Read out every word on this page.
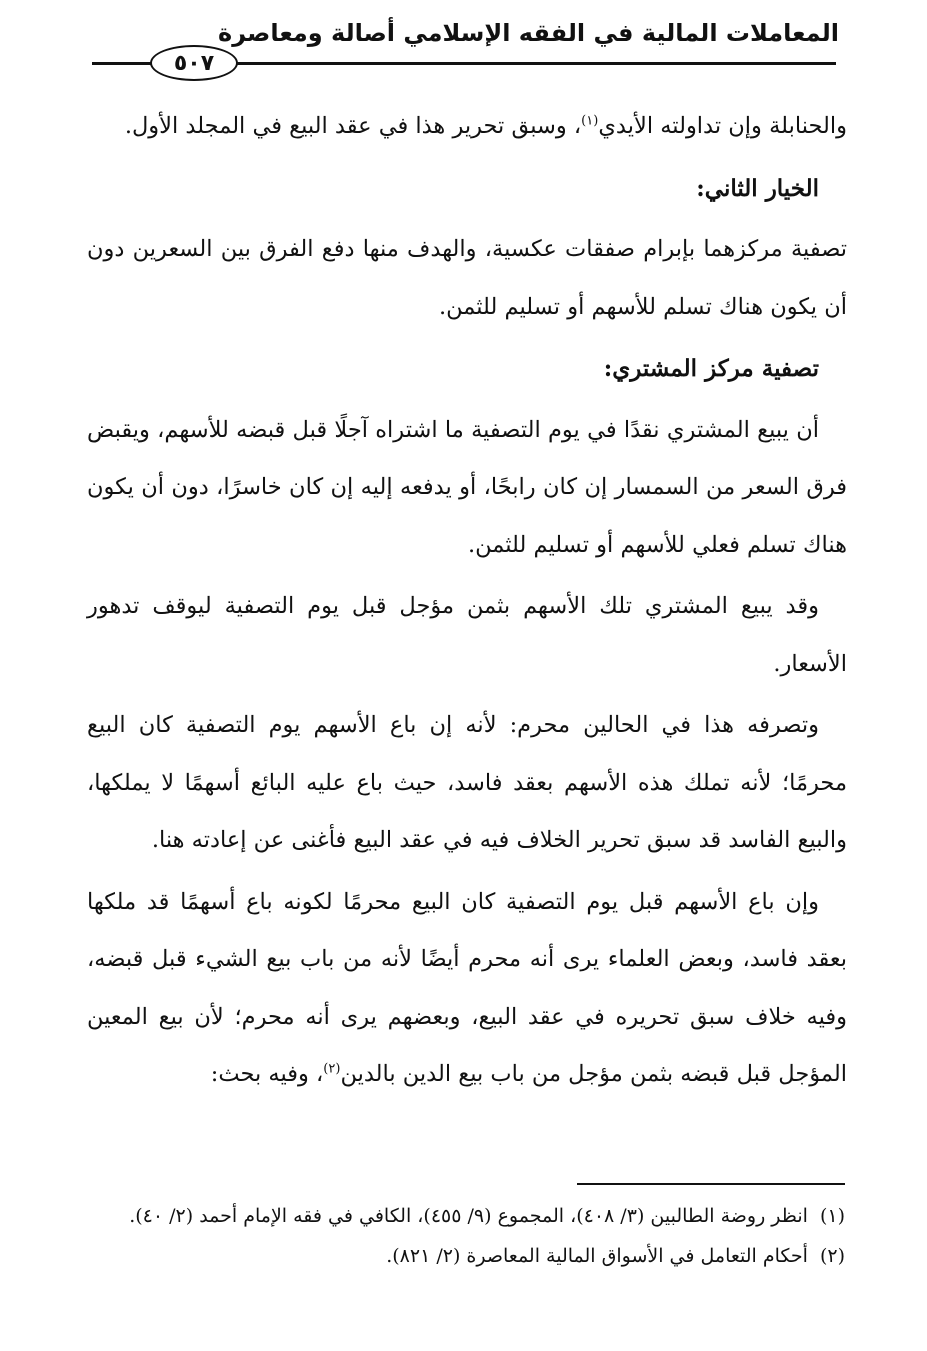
المعاملات المالية في الفقه الإسلامي أصالة ومعاصرة
٥٠٧

والحنابلة وإن تداولته الأيدي$^{(١)}$، وسبق تحرير هذا في عقد البيع في المجلد الأول.

الخيار الثاني:

تصفية مركزهما بإبرام صفقات عكسية، والهدف منها دفع الفرق بين السعرين دون أن يكون هناك تسلم للأسهم أو تسليم للثمن.

تصفية مركز المشتري:

أن يبيع المشتري نقدًا في يوم التصفية ما اشتراه آجلًا قبل قبضه للأسهم، ويقبض فرق السعر من السمسار إن كان رابحًا، أو يدفعه إليه إن كان خاسرًا، دون أن يكون هناك تسلم فعلي للأسهم أو تسليم للثمن.

وقد يبيع المشتري تلك الأسهم بثمن مؤجل قبل يوم التصفية ليوقف تدهور الأسعار.

وتصرفه هذا في الحالين محرم: لأنه إن باع الأسهم يوم التصفية كان البيع محرمًا؛ لأنه تملك هذه الأسهم بعقد فاسد، حيث باع عليه البائع أسهمًا لا يملكها، والبيع الفاسد قد سبق تحرير الخلاف فيه في عقد البيع فأغنى عن إعادته هنا.

وإن باع الأسهم قبل يوم التصفية كان البيع محرمًا لكونه باع أسهمًا قد ملكها بعقد فاسد، وبعض العلماء يرى أنه محرم أيضًا لأنه من باب بيع الشيء قبل قبضه، وفيه خلاف سبق تحريره في عقد البيع، وبعضهم يرى أنه محرم؛ لأن بيع المعين المؤجل قبل قبضه بثمن مؤجل من باب بيع الدين بالدين$^{(٢)}$، وفيه بحث:

(١)انظر روضة الطالبين (٣/ ٤٠٨)، المجموع (٩/ ٤٥٥)، الكافي في فقه الإمام أحمد (٢/ ٤٠).

(٢)أحكام التعامل في الأسواق المالية المعاصرة (٢/ ٨٢١).
